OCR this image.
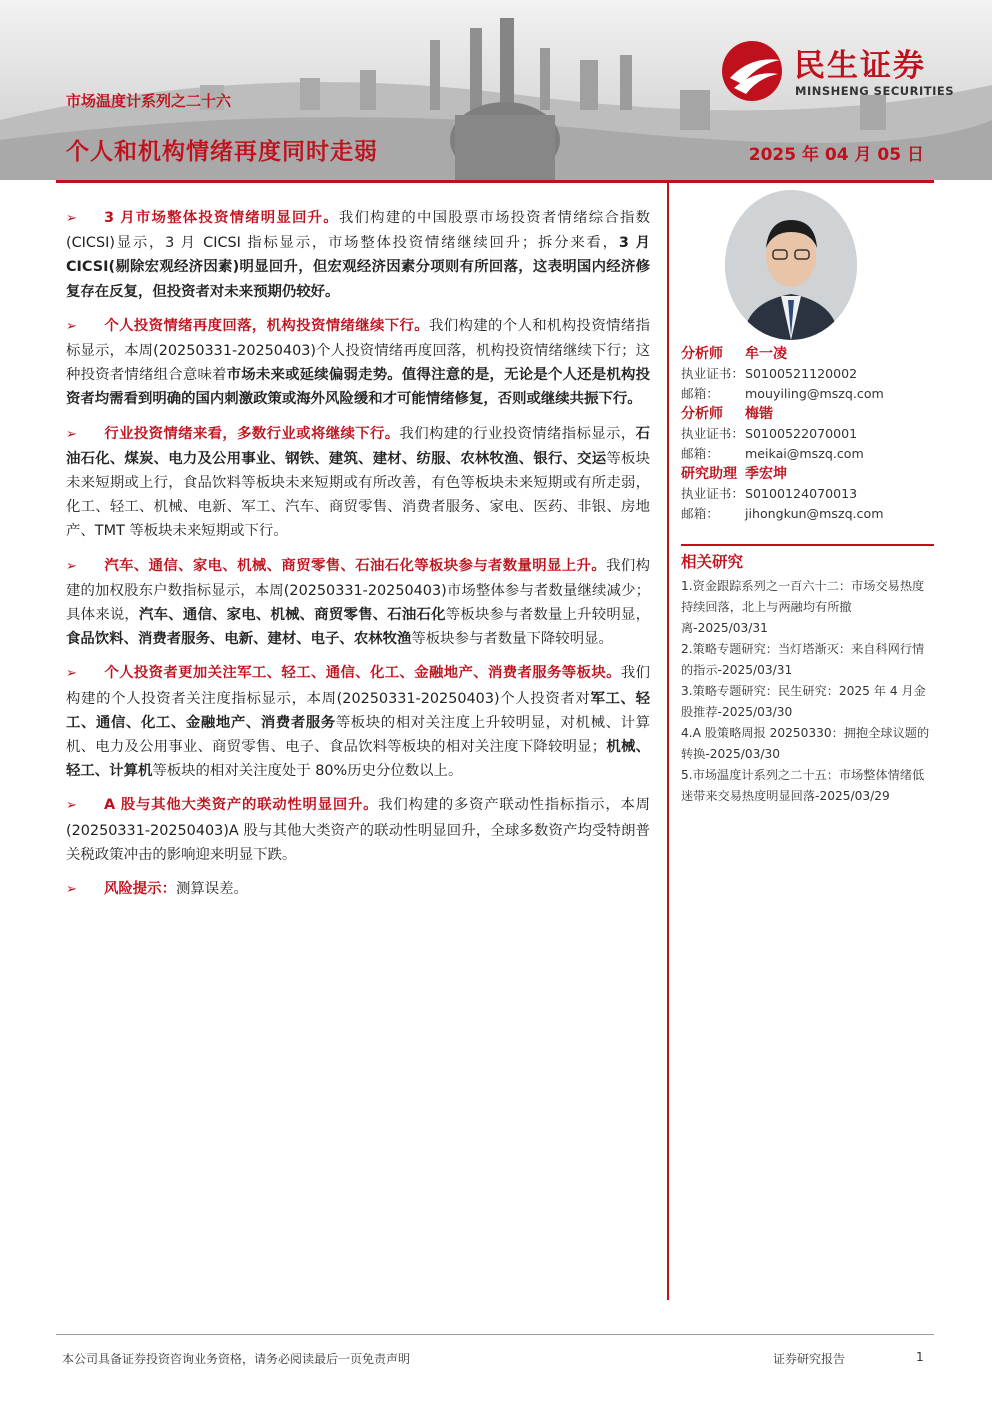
市场温度计系列之二十六
个人和机构情绪再度同时走弱	2025 年 04 月 05 日
民生证券
MINSHENG SECURITIES
➢ 3 月市场整体投资情绪明显回升。我们构建的中国股票市场投资者情绪综合指数(CICSI)显示，3 月 CICSI 指标显示，市场整体投资情绪继续回升；拆分来看，3 月 CICSI(剔除宏观经济因素)明显回升，但宏观经济因素分项则有所回落，这表明国内经济修复存在反复，但投资者对未来预期仍较好。
➢ 个人投资情绪再度回落，机构投资情绪继续下行。我们构建的个人和机构投资情绪指标显示，本周(20250331-20250403)个人投资情绪再度回落，机构投资情绪继续下行；这种投资者情绪组合意味着市场未来或延续偏弱走势。值得注意的是，无论是个人还是机构投资者均需看到明确的国内刺激政策或海外风险缓和才可能情绪修复，否则或继续共振下行。
➢ 行业投资情绪来看，多数行业或将继续下行。我们构建的行业投资情绪指标显示，石油石化、煤炭、电力及公用事业、钢铁、建筑、建材、纺服、农林牧渔、银行、交运等板块未来短期或上行，食品饮料等板块未来短期或有所改善，有色等板块未来短期或有所走弱，化工、轻工、机械、电新、军工、汽车、商贸零售、消费者服务、家电、医药、非银、房地产、TMT 等板块未来短期或下行。
➢ 汽车、通信、家电、机械、商贸零售、石油石化等板块参与者数量明显上升。我们构建的加权股东户数指标显示，本周(20250331-20250403)市场整体参与者数量继续减少；具体来说，汽车、通信、家电、机械、商贸零售、石油石化等板块参与者数量上升较明显，食品饮料、消费者服务、电新、建材、电子、农林牧渔等板块参与者数量下降较明显。
➢ 个人投资者更加关注军工、轻工、通信、化工、金融地产、消费者服务等板块。我们构建的个人投资者关注度指标显示，本周(20250331-20250403)个人投资者对军工、轻工、通信、化工、金融地产、消费者服务等板块的相对关注度上升较明显，对机械、计算机、电力及公用事业、商贸零售、电子、食品饮料等板块的相对关注度下降较明显；机械、轻工、计算机等板块的相对关注度处于 80%历史分位数以上。
➢ A 股与其他大类资产的联动性明显回升。我们构建的多资产联动性指标指示，本周(20250331-20250403)A 股与其他大类资产的联动性明显回升，全球多数资产均受特朗普关税政策冲击的影响迎来明显下跌。
➢ 风险提示：测算误差。
分析师 牟一凌
执业证书：S0100521120002
邮箱： mouyiling@mszq.com
分析师 梅锴
执业证书：S0100522070001
邮箱： meikai@mszq.com
研究助理 季宏坤
执业证书：S0100124070013
邮箱： jihongkun@mszq.com
相关研究
1.资金跟踪系列之一百六十二：市场交易热度持续回落，北上与两融均有所撤离-2025/03/31
2.策略专题研究：当灯塔渐灭：来自科网行情的指示-2025/03/31
3.策略专题研究：民生研究：2025 年 4 月金股推荐-2025/03/30
4.A 股策略周报 20250330：拥抱全球议题的转换-2025/03/30
5.市场温度计系列之二十五：市场整体情绪低迷带来交易热度明显回落-2025/03/29
本公司具备证券投资咨询业务资格，请务必阅读最后一页免责声明	证券研究报告	1
